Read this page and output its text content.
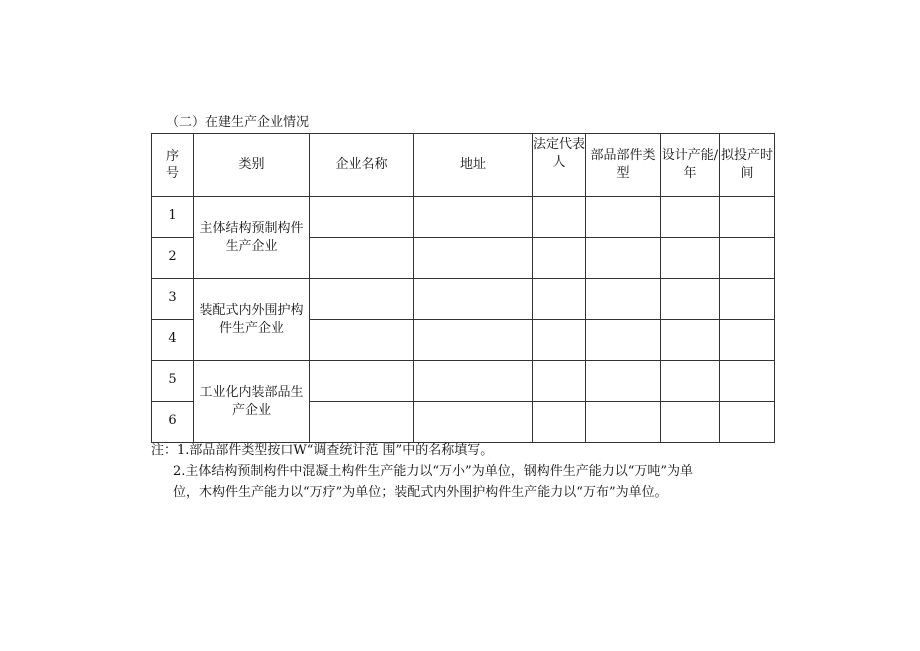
（二）在建生产企业情况
序号	类别	企业名称	地址	法定代表人	部品部件类型	设计产能/年	拟投产时间
1	主体结构预制构件生产企业						
2							
3	装配式内外围护构件生产企业						
4							
5	工业化内装部品生产企业						
6							
注：1.部品部件类型按口W“调查统计范 围”中的名称填写。
2.主体结构预制构件中混凝土构件生产能力以“万小”为单位，钢构件生产能力以“万吨”为单
位，木构件生产能力以“万疗”为单位；装配式内外围护构件生产能力以“万布”为单位。
